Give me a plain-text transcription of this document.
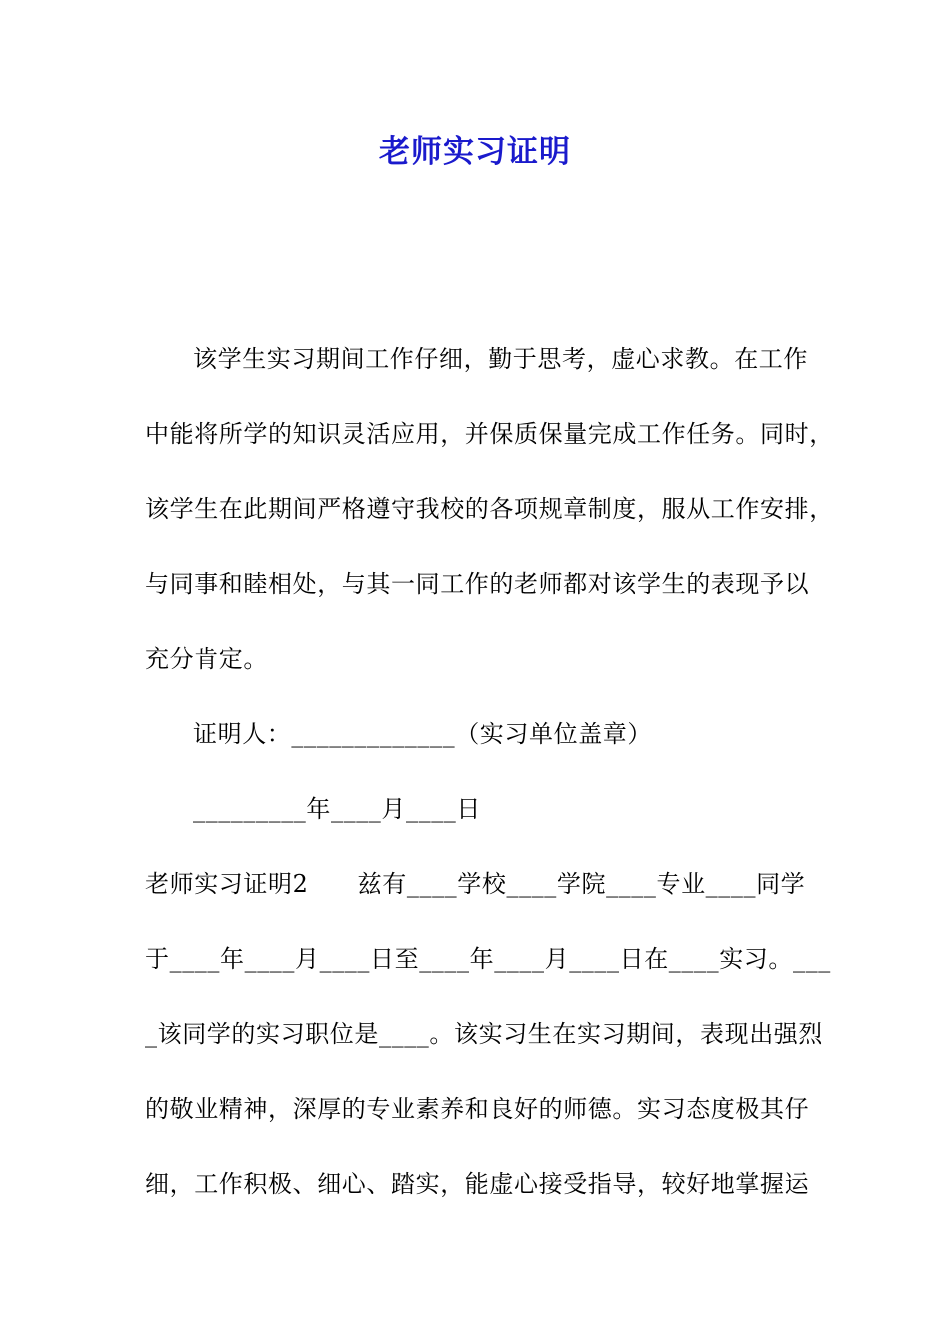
老师实习证明
该学生实习期间工作仔细，勤于思考，虚心求教。在工作
中能将所学的知识灵活应用，并保质保量完成工作任务。同时，
该学生在此期间严格遵守我校的各项规章制度，服从工作安排，
与同事和睦相处，与其一同工作的老师都对该学生的表现予以
充分肯定。
证明人：_____________（实习单位盖章）
_________年____月____日
老师实习证明2　　兹有____学校____学院____专业____同学
于____年____月____日至____年____月____日在____实习。___
_该同学的实习职位是____。该实习生在实习期间，表现出强烈
的敬业精神，深厚的专业素养和良好的师德。实习态度极其仔
细，工作积极、细心、踏实，能虚心接受指导，较好地掌握运
